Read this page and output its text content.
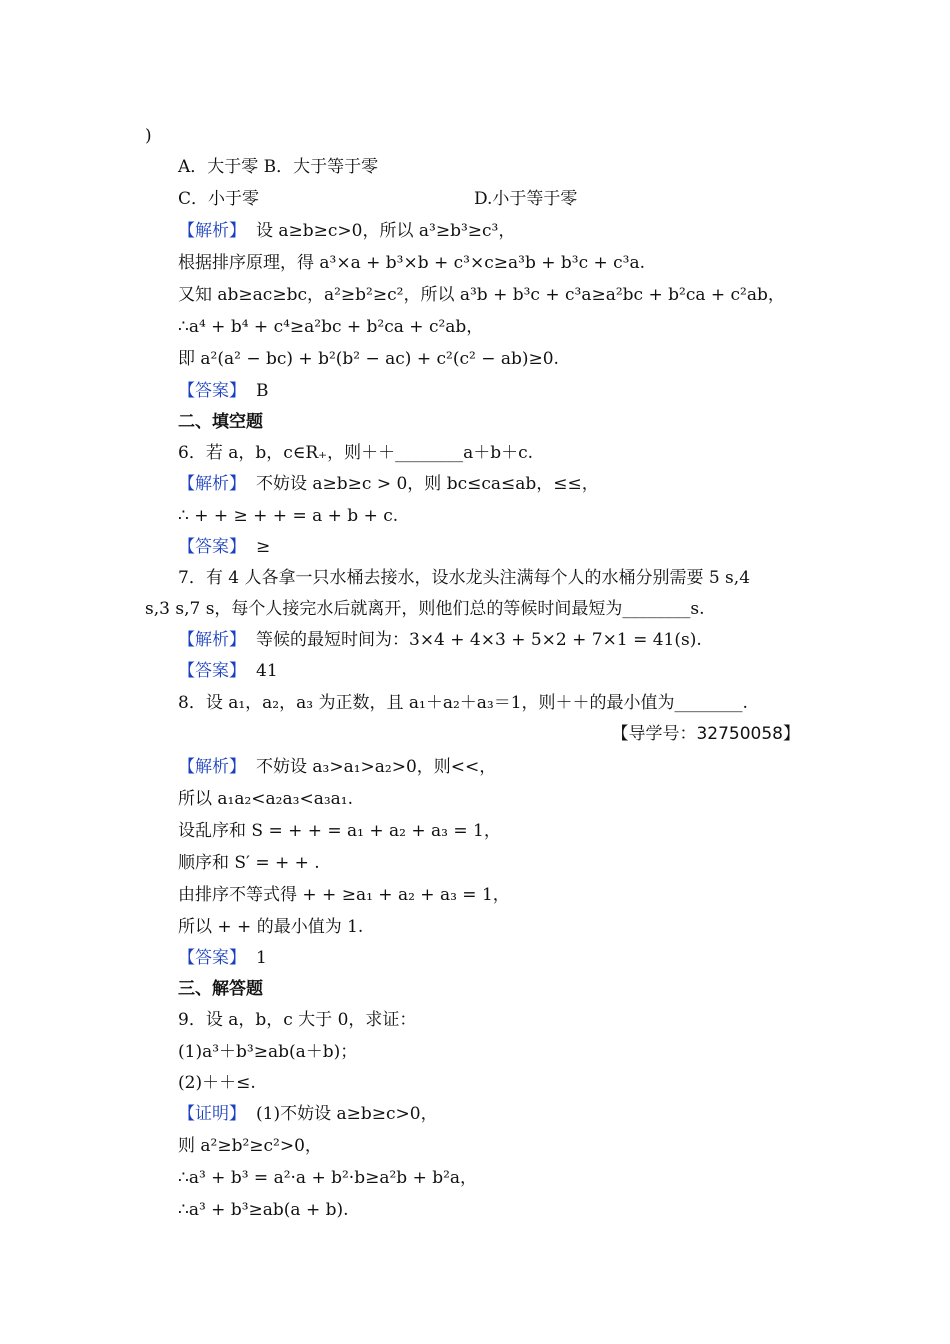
)
A．大于零 B．大于等于零
C．小于零	D.小于等于零
【解析】 设 a≥b≥c>0，所以 a³≥b³≥c³，
根据排序原理，得 a³×a + b³×b + c³×c≥a³b + b³c + c³a.
又知 ab≥ac≥bc，a²≥b²≥c²，所以 a³b + b³c + c³a≥a²bc + b²ca + c²ab，
∴a⁴ + b⁴ + c⁴≥a²bc + b²ca + c²ab，
即 a²(a² − bc) + b²(b² − ac) + c²(c² − ab)≥0.
【答案】 B
二、填空题
6．若 a，b，c∈R₊，则＋＋________a＋b＋c.
【解析】 不妨设 a≥b≥c > 0，则 bc≤ca≤ab，≤≤，
∴ + + ≥ + + = a + b + c.
【答案】 ≥
7．有 4 人各拿一只水桶去接水，设水龙头注满每个人的水桶分别需要 5 s,4
s,3 s,7 s，每个人接完水后就离开，则他们总的等候时间最短为________s.
【解析】 等候的最短时间为：3×4 + 4×3 + 5×2 + 7×1 = 41(s).
【答案】 41
8．设 a₁，a₂，a₃ 为正数，且 a₁＋a₂＋a₃＝1，则＋＋的最小值为________.
【导学号：32750058】
【解析】 不妨设 a₃>a₁>a₂>0，则<<，
所以 a₁a₂<a₂a₃<a₃a₁.
设乱序和 S = + + = a₁ + a₂ + a₃ = 1，
顺序和 S′ = + + .
由排序不等式得 + + ≥a₁ + a₂ + a₃ = 1，
所以 + + 的最小值为 1.
【答案】 1
三、解答题
9．设 a，b，c 大于 0，求证：
(1)a³＋b³≥ab(a＋b)；
(2)＋＋≤.
【证明】 (1)不妨设 a≥b≥c>0，
则 a²≥b²≥c²>0，
∴a³ + b³ = a²·a + b²·b≥a²b + b²a，
∴a³ + b³≥ab(a + b).
